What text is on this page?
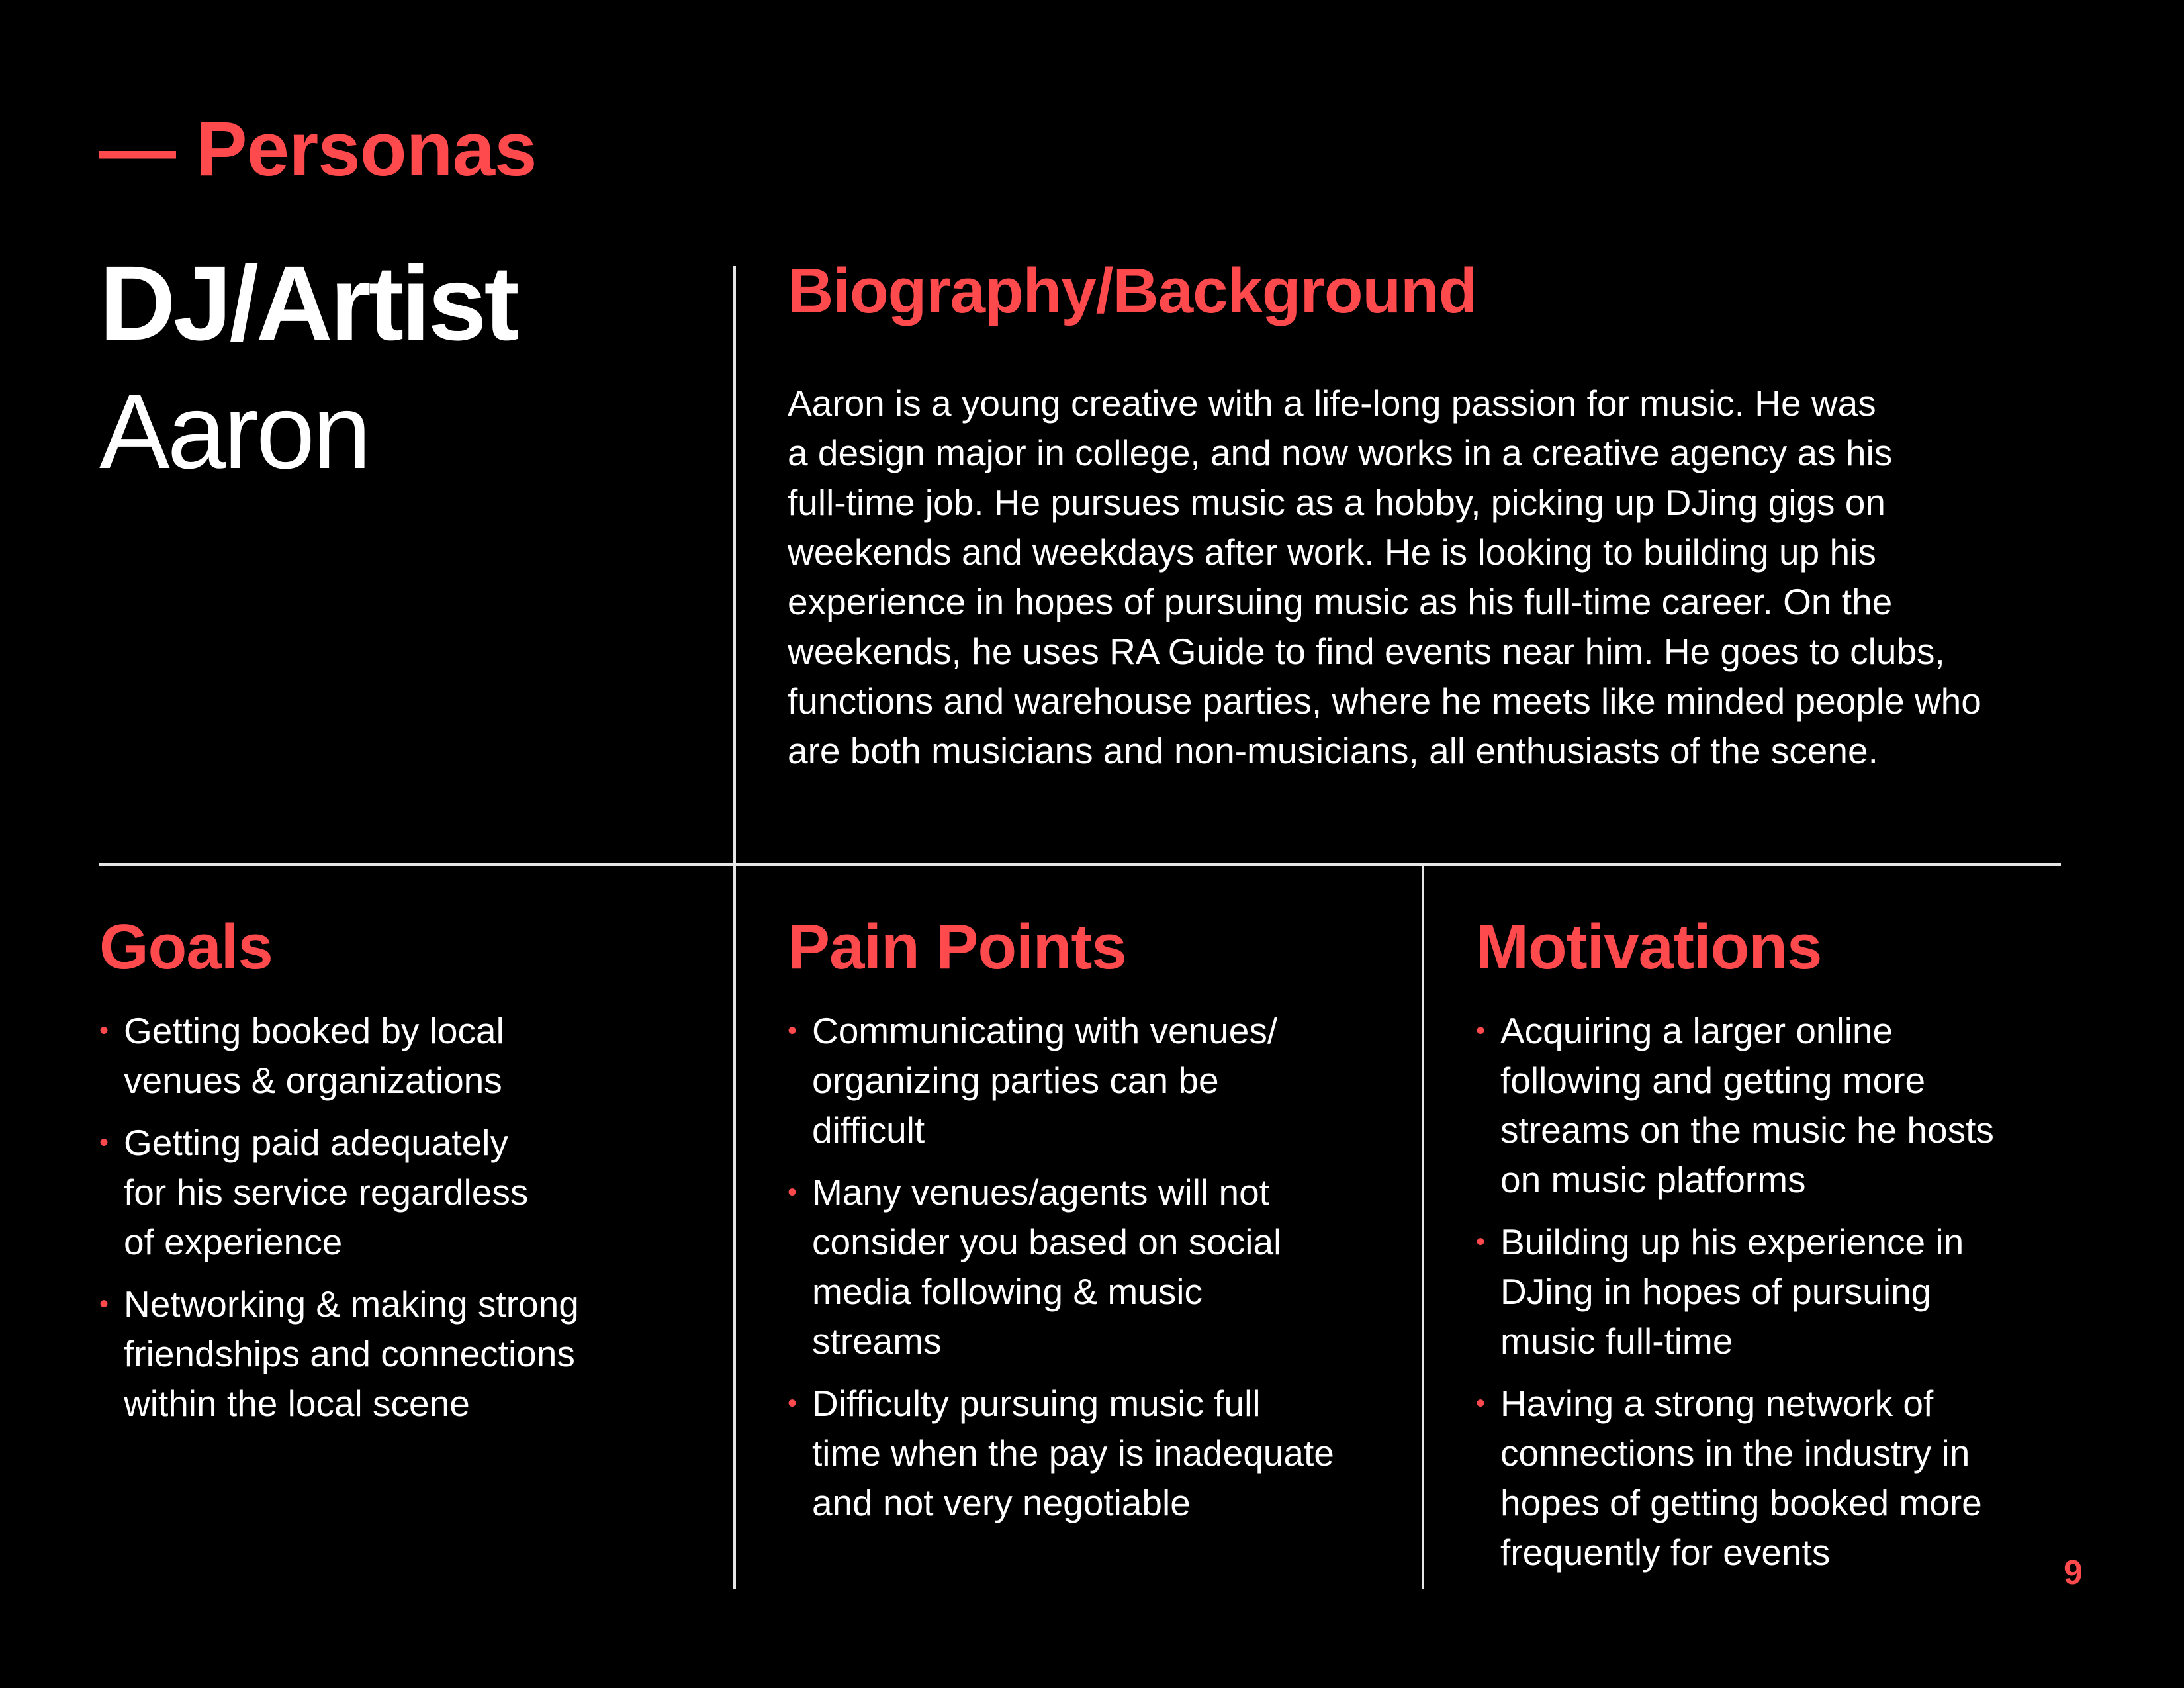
— Personas
DJ/Artist
Aaron
Biography/Background

Aaron is a young creative with a life-long passion for music. He was
a design major in college, and now works in a creative agency as his
full-time job. He pursues music as a hobby, picking up DJing gigs on
weekends and weekdays after work. He is looking to building up his
experience in hopes of pursuing music as his full-time career. On the
weekends, he uses RA Guide to find events near him. He goes to clubs,
functions and warehouse parties, where he meets like minded people who
are both musicians and non-musicians, all enthusiasts of the scene.

Goals
• Getting booked by local
venues & organizations
• Getting paid adequately
for his service regardless
of experience
• Networking & making strong
friendships and connections
within the local scene
Pain Points
• Communicating with venues/
organizing parties can be
difficult
• Many venues/agents will not
consider you based on social
media following & music
streams
• Difficulty pursuing music full
time when the pay is inadequate
and not very negotiable
Motivations
• Acquiring a larger online
following and getting more
streams on the music he hosts
on music platforms
• Building up his experience in
DJing in hopes of pursuing
music full-time
• Having a strong network of
connections in the industry in
hopes of getting booked more
frequently for events	9
